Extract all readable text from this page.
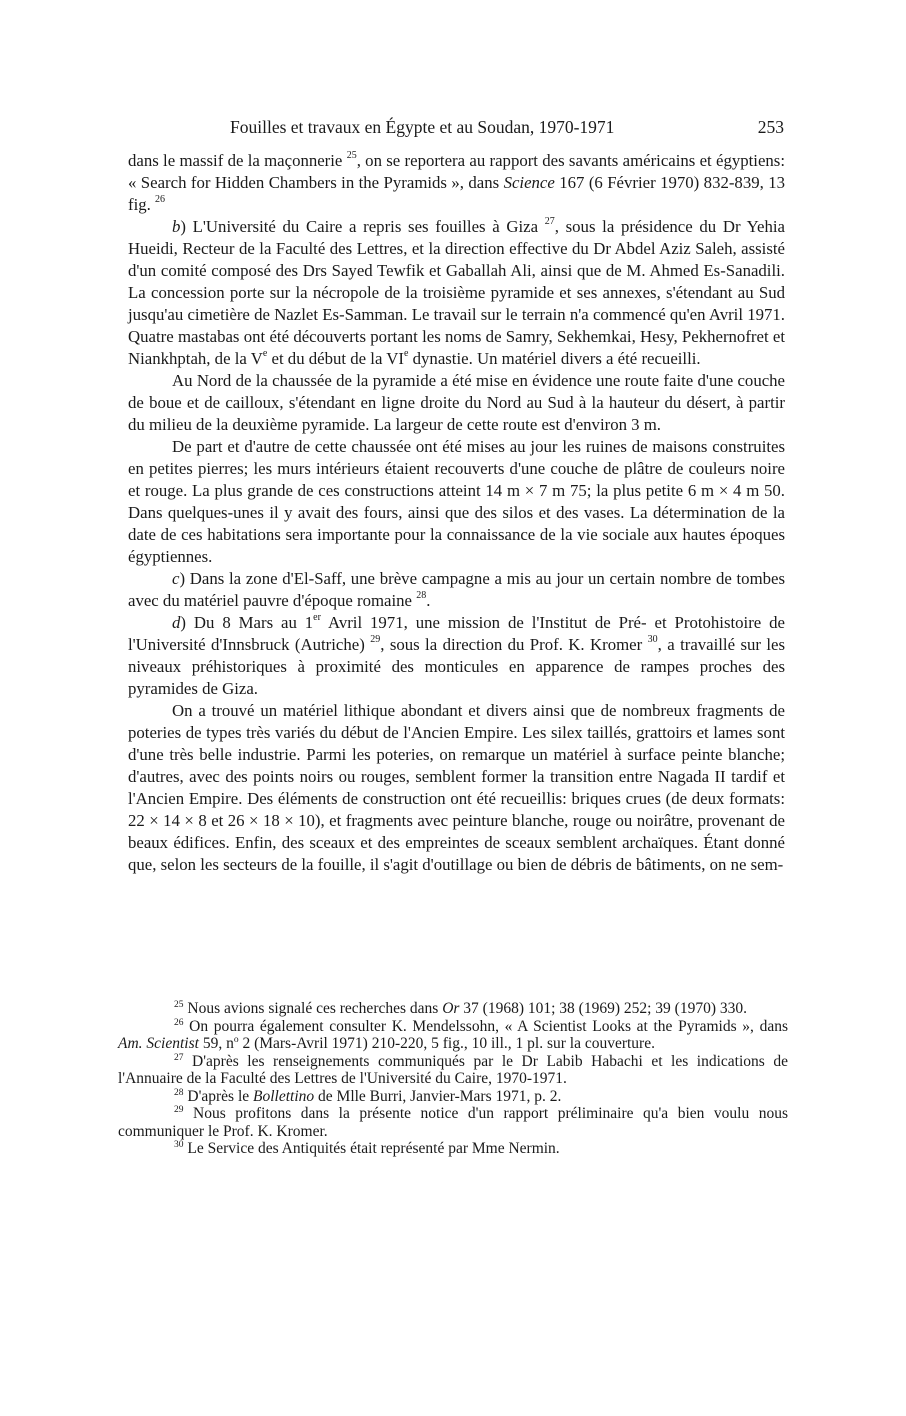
Fouilles et travaux en Égypte et au Soudan, 1970-1971	253

dans le massif de la maçonnerie $^{25}$, on se reportera au rapport des savants américains et égyptiens: « Search for Hidden Chambers in the Pyramids », dans Science 167 (6 Février 1970) 832-839, 13 fig. $^{26}$

b) L'Université du Caire a repris ses fouilles à Giza $^{27}$, sous la présidence du Dr Yehia Hueidi, Recteur de la Faculté des Lettres, et la direction effective du Dr Abdel Aziz Saleh, assisté d'un comité composé des Drs Sayed Tewfik et Gaballah Ali, ainsi que de M. Ahmed Es-Sanadili. La concession porte sur la nécropole de la troisième pyramide et ses annexes, s'étendant au Sud jusqu'au cimetière de Nazlet Es-Samman. Le travail sur le terrain n'a commencé qu'en Avril 1971. Quatre mastabas ont été découverts portant les noms de Samry, Sekhemkai, Hesy, Pekhernofret et Niankhptah, de la Ve et du début de la VIe dynastie. Un matériel divers a été recueilli.

Au Nord de la chaussée de la pyramide a été mise en évidence une route faite d'une couche de boue et de cailloux, s'étendant en ligne droite du Nord au Sud à la hauteur du désert, à partir du milieu de la deuxième pyramide. La largeur de cette route est d'environ 3 m.

De part et d'autre de cette chaussée ont été mises au jour les ruines de maisons construites en petites pierres; les murs intérieurs étaient recouverts d'une couche de plâtre de couleurs noire et rouge. La plus grande de ces constructions atteint 14 m × 7 m 75; la plus petite 6 m × 4 m 50. Dans quelques-unes il y avait des fours, ainsi que des silos et des vases. La détermination de la date de ces habitations sera importante pour la connaissance de la vie sociale aux hautes époques égyptiennes.

c) Dans la zone d'El-Saff, une brève campagne a mis au jour un certain nombre de tombes avec du matériel pauvre d'époque romaine $^{28}$.

d) Du 8 Mars au 1er Avril 1971, une mission de l'Institut de Pré- et Protohistoire de l'Université d'Innsbruck (Autriche) $^{29}$, sous la direction du Prof. K. Kromer $^{30}$, a travaillé sur les niveaux préhistoriques à proximité des monticules en apparence de rampes proches des pyramides de Giza.

On a trouvé un matériel lithique abondant et divers ainsi que de nombreux fragments de poteries de types très variés du début de l'Ancien Empire. Les silex taillés, grattoirs et lames sont d'une très belle industrie. Parmi les poteries, on remarque un matériel à surface peinte blanche; d'autres, avec des points noirs ou rouges, semblent former la transition entre Nagada II tardif et l'Ancien Empire. Des éléments de construction ont été recueillis: briques crues (de deux formats: 22 × 14 × 8 et 26 × 18 × 10), et fragments avec peinture blanche, rouge ou noirâtre, provenant de beaux édifices. Enfin, des sceaux et des empreintes de sceaux semblent archaïques. Étant donné que, selon les secteurs de la fouille, il s'agit d'outillage ou bien de débris de bâtiments, on ne sem-

$^{25}$ Nous avions signalé ces recherches dans Or 37 (1968) 101; 38 (1969) 252; 39 (1970) 330.

$^{26}$ On pourra également consulter K. Mendelssohn, « A Scientist Looks at the Pyramids », dans Am. Scientist 59, $n^o$ 2 (Mars-Avril 1971) 210-220, 5 fig., 10 ill., 1 pl. sur la couverture.

$^{27}$ D'après les renseignements communiqués par le Dr Labib Habachi et les indications de l'Annuaire de la Faculté des Lettres de l'Université du Caire, 1970-1971.

$^{28}$ D'après le Bollettino de Mlle Burri, Janvier-Mars 1971, p. 2.

$^{29}$ Nous profitons dans la présente notice d'un rapport préliminaire qu'a bien voulu nous communiquer le Prof. K. Kromer.

$^{30}$ Le Service des Antiquités était représenté par Mme Nermin.
